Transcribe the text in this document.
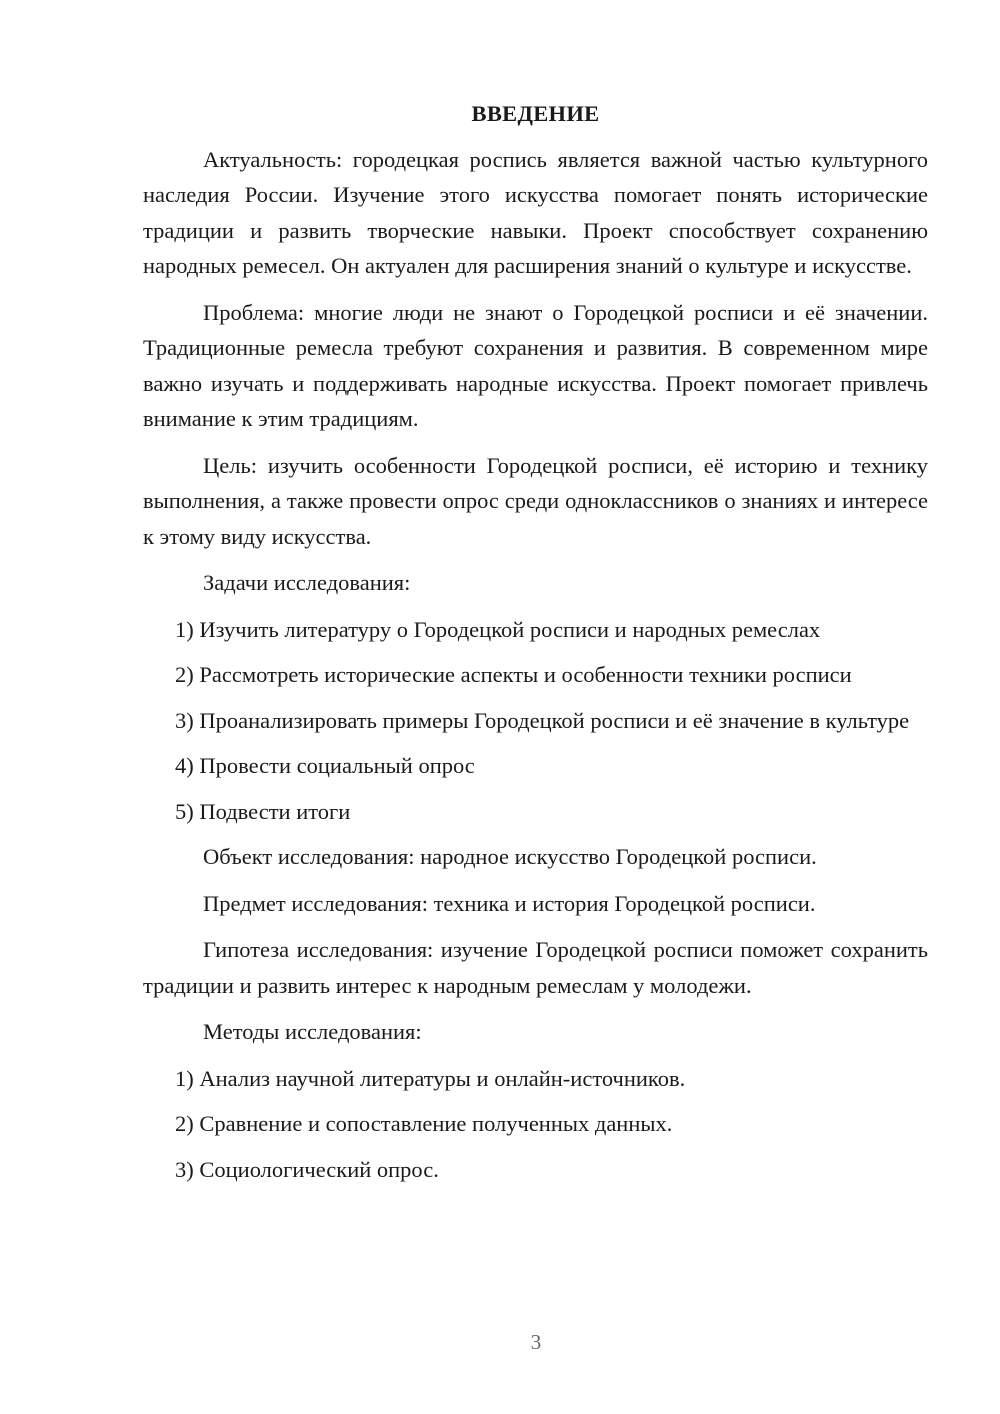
ВВЕДЕНИЕ

Актуальность: городецкая роспись является важной частью культурного наследия России. Изучение этого искусства помогает понять исторические традиции и развить творческие навыки. Проект способствует сохранению народных ремесел. Он актуален для расширения знаний о культуре и искусстве.

Проблема: многие люди не знают о Городецкой росписи и её значении. Традиционные ремесла требуют сохранения и развития. В современном мире важно изучать и поддерживать народные искусства. Проект помогает привлечь внимание к этим традициям.

Цель: изучить особенности Городецкой росписи, её историю и технику выполнения, а также провести опрос среди одноклассников о знаниях и интересе к этому виду искусства.

Задачи исследования:

1) Изучить литературу о Городецкой росписи и народных ремеслах

2) Рассмотреть исторические аспекты и особенности техники росписи

3) Проанализировать примеры Городецкой росписи и её значение в культуре

4) Провести социальный опрос

5) Подвести итоги

Объект исследования: народное искусство Городецкой росписи.

Предмет исследования: техника и история Городецкой росписи.

Гипотеза исследования: изучение Городецкой росписи поможет сохранить традиции и развить интерес к народным ремеслам у молодежи.

Методы исследования:

1) Анализ научной литературы и онлайн-источников.

2) Сравнение и сопоставление полученных данных.

3) Социологический опрос.

3
